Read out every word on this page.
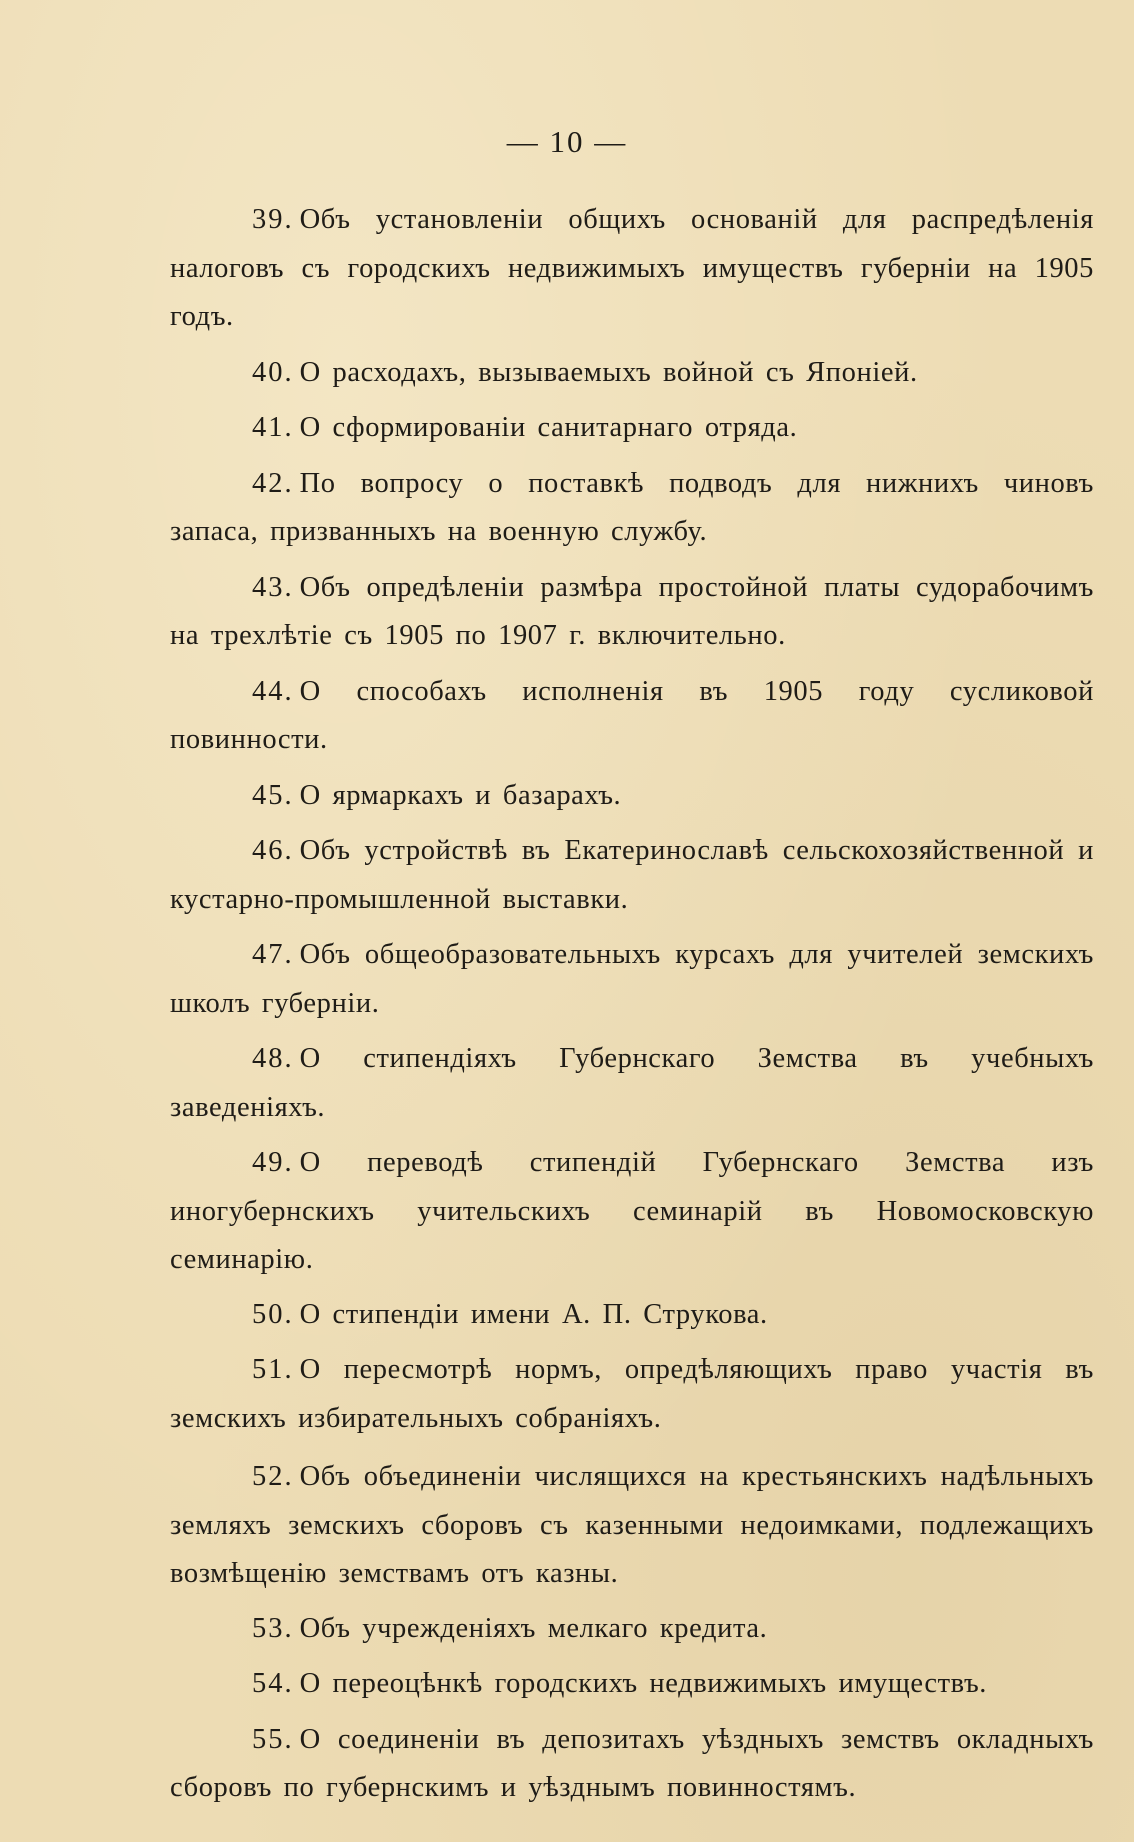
— 10 —

39. Объ установленіи общихъ основаній для распредѣленія налоговъ съ городскихъ недвижимыхъ имуществъ губерніи на 1905 годъ.

40. О расходахъ, вызываемыхъ войной съ Японіей.

41. О сформированіи санитарнаго отряда.

42. По вопросу о поставкѣ подводъ для нижнихъ чиновъ запаса, призванныхъ на военную службу.

43. Объ опредѣленіи размѣра простойной платы судорабочимъ на трехлѣтіе съ 1905 по 1907 г. включительно.

44. О способахъ исполненія въ 1905 году сусликовой повинности.

45. О ярмаркахъ и базарахъ.

46. Объ устройствѣ въ Екатеринославѣ сельскохозяйственной и кустарно-промышленной выставки.

47. Объ общеобразовательныхъ курсахъ для учителей земскихъ школъ губерніи.

48. О стипендіяхъ Губернскаго Земства въ учебныхъ заведеніяхъ.

49. О переводѣ стипендій Губернскаго Земства изъ иногубернскихъ учительскихъ семинарій въ Новомосковскую семинарію.

50. О стипендіи имени А. П. Струкова.

51. О пересмотрѣ нормъ, опредѣляющихъ право участія въ земскихъ избирательныхъ собраніяхъ.

52. Объ объединеніи числящихся на крестьянскихъ надѣльныхъ земляхъ земскихъ сборовъ съ казенными недоимками, подлежащихъ возмѣщенію земствамъ отъ казны.

53. Объ учрежденіяхъ мелкаго кредита.

54. О переоцѣнкѣ городскихъ недвижимыхъ имуществъ.

55. О соединеніи въ депозитахъ уѣздныхъ земствъ окладныхъ сборовъ по губернскимъ и уѣзднымъ повинностямъ.
